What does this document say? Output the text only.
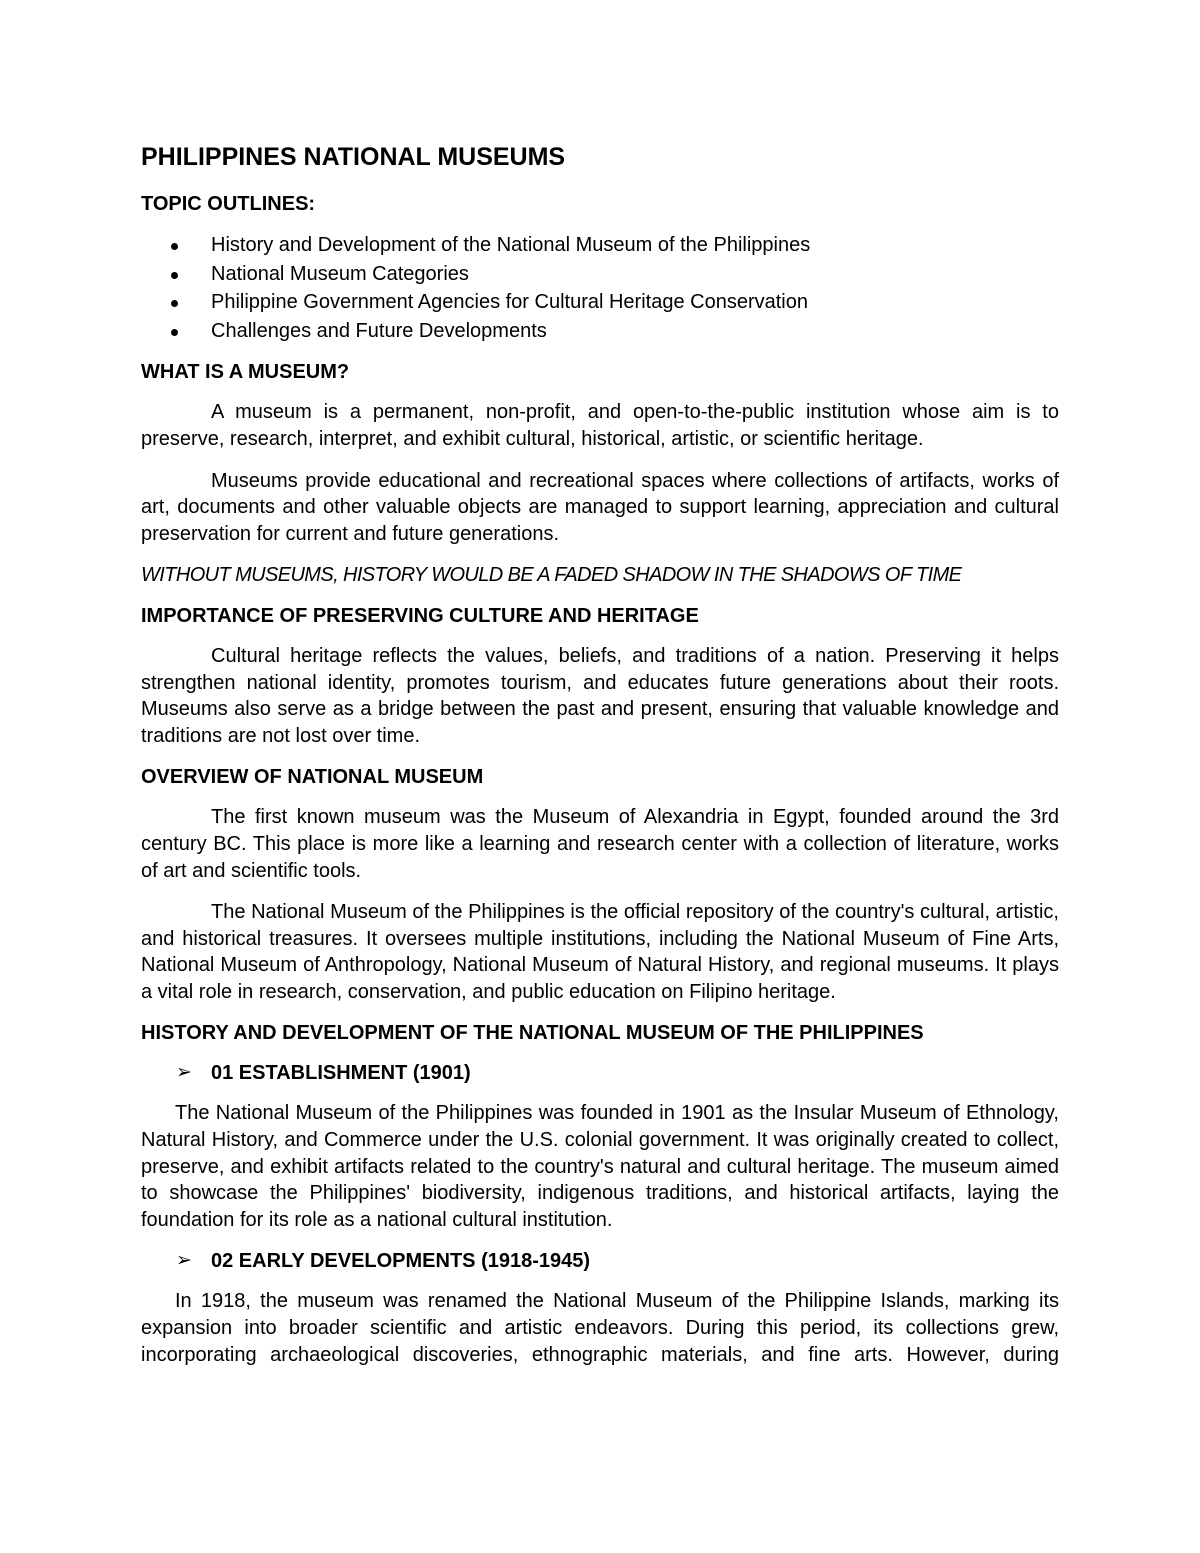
PHILIPPINES NATIONAL MUSEUMS
TOPIC OUTLINES:
History and Development of the National Museum of the Philippines
National Museum Categories
Philippine Government Agencies for Cultural Heritage Conservation
Challenges and Future Developments
WHAT IS A MUSEUM?

A museum is a permanent, non-profit, and open-to-the-public institution whose aim is to preserve, research, interpret, and exhibit cultural, historical, artistic, or scientific heritage.

Museums provide educational and recreational spaces where collections of artifacts, works of art, documents and other valuable objects are managed to support learning, appreciation and cultural preservation for current and future generations.

WITHOUT MUSEUMS, HISTORY WOULD BE A FADED SHADOW IN THE SHADOWS OF TIME
IMPORTANCE OF PRESERVING CULTURE AND HERITAGE

Cultural heritage reflects the values, beliefs, and traditions of a nation. Preserving it helps strengthen national identity, promotes tourism, and educates future generations about their roots. Museums also serve as a bridge between the past and present, ensuring that valuable knowledge and traditions are not lost over time.

OVERVIEW OF NATIONAL MUSEUM

The first known museum was the Museum of Alexandria in Egypt, founded around the 3rd century BC. This place is more like a learning and research center with a collection of literature, works of art and scientific tools.

The National Museum of the Philippines is the official repository of the country's cultural, artistic, and historical treasures. It oversees multiple institutions, including the National Museum of Fine Arts, National Museum of Anthropology, National Museum of Natural History, and regional museums. It plays a vital role in research, conservation, and public education on Filipino heritage.

HISTORY AND DEVELOPMENT OF THE NATIONAL MUSEUM OF THE PHILIPPINES
➢ 01 ESTABLISHMENT (1901)

The National Museum of the Philippines was founded in 1901 as the Insular Museum of Ethnology, Natural History, and Commerce under the U.S. colonial government. It was originally created to collect, preserve, and exhibit artifacts related to the country's natural and cultural heritage. The museum aimed to showcase the Philippines' biodiversity, indigenous traditions, and historical artifacts, laying the foundation for its role as a national cultural institution.

➢ 02 EARLY DEVELOPMENTS (1918-1945)

In 1918, the museum was renamed the National Museum of the Philippine Islands, marking its expansion into broader scientific and artistic endeavors. During this period, its collections grew, incorporating archaeological discoveries, ethnographic materials, and fine arts. However, during
